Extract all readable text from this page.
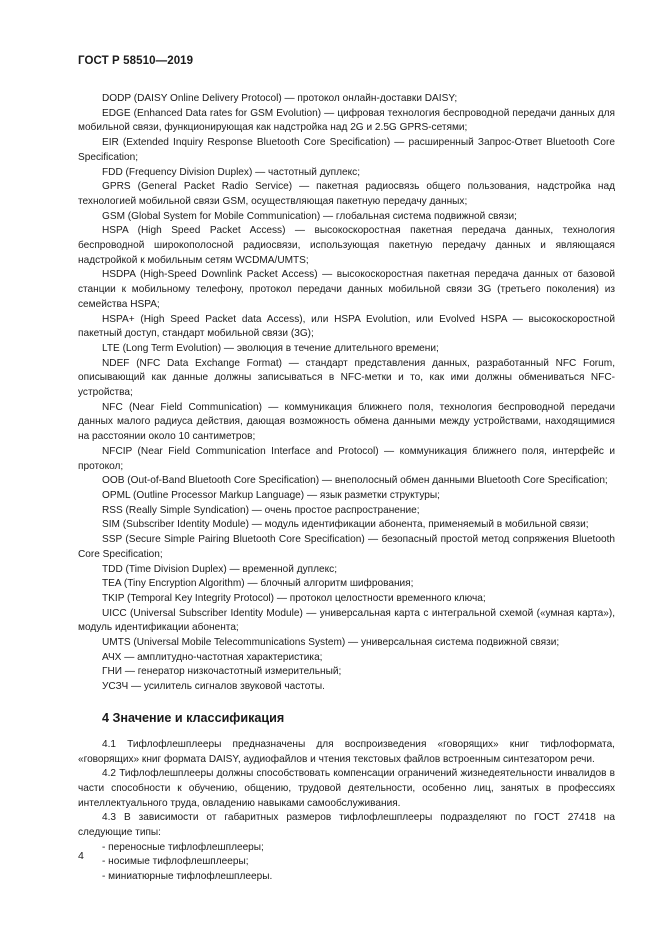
ГОСТ Р 58510—2019

DODP (DAISY Online Delivery Protocol) — протокол онлайн-доставки DAISY;

EDGE (Enhanced Data rates for GSM Evolution) — цифровая технология беспроводной передачи данных для мобильной связи, функционирующая как надстройка над 2G и 2.5G GPRS-сетями;

EIR (Extended Inquiry Response Bluetooth Core Specification) — расширенный Запрос-Ответ Bluetooth Core Specification;

FDD (Frequency Division Duplex) — частотный дуплекс;

GPRS (General Packet Radio Service) — пакетная радиосвязь общего пользования, надстройка над технологией мобильной связи GSM, осуществляющая пакетную передачу данных;

GSM (Global System for Mobile Communication) — глобальная система подвижной связи;

HSPA (High Speed Packet Access) — высокоскоростная пакетная передача данных, технология беспроводной широкополосной радиосвязи, использующая пакетную передачу данных и являющаяся надстройкой к мобильным сетям WCDMA/UMTS;

HSDPA (High-Speed Downlink Packet Access) — высокоскоростная пакетная передача данных от базовой станции к мобильному телефону, протокол передачи данных мобильной связи 3G (третьего поколения) из семейства HSPA;

HSPA+ (High Speed Packet data Access), или HSPA Evolution, или Evolved HSPA — высокоскоростной пакетный доступ, стандарт мобильной связи (3G);

LTE (Long Term Evolution) — эволюция в течение длительного времени;

NDEF (NFC Data Exchange Format) — стандарт представления данных, разработанный NFC Forum, описывающий как данные должны записываться в NFC-метки и то, как ими должны обмениваться NFC-устройства;

NFC (Near Field Communication) — коммуникация ближнего поля, технология беспроводной передачи данных малого радиуса действия, дающая возможность обмена данными между устройствами, находящимися на расстоянии около 10 сантиметров;

NFCIP (Near Field Communication Interface and Protocol) — коммуникация ближнего поля, интерфейс и протокол;

OOB (Out-of-Band Bluetooth Core Specification) — внеполосный обмен данными Bluetooth Core Specification;

OPML (Outline Processor Markup Language) — язык разметки структуры;

RSS (Really Simple Syndication) — очень простое распространение;

SIM (Subscriber Identity Module) — модуль идентификации абонента, применяемый в мобильной связи;

SSP (Secure Simple Pairing Bluetooth Core Specification) — безопасный простой метод сопряжения Bluetooth Core Specification;

TDD (Time Division Duplex) — временной дуплекс;

TEA (Tiny Encryption Algorithm) — блочный алгоритм шифрования;

TKIP (Temporal Key Integrity Protocol) — протокол целостности временного ключа;

UICC (Universal Subscriber Identity Module) — универсальная карта с интегральной схемой («умная карта»), модуль идентификации абонента;

UMTS (Universal Mobile Telecommunications System) — универсальная система подвижной связи;

АЧХ — амплитудно-частотная характеристика;

ГНИ — генератор низкочастотный измерительный;

УСЗЧ — усилитель сигналов звуковой частоты.

4 Значение и классификация

4.1 Тифлофлешплееры предназначены для воспроизведения «говорящих» книг тифлоформата, «говорящих» книг формата DAISY, аудиофайлов и чтения текстовых файлов встроенным синтезатором речи.

4.2 Тифлофлешплееры должны способствовать компенсации ограничений жизнедеятельности инвалидов в части способности к обучению, общению, трудовой деятельности, особенно лиц, занятых в профессиях интеллектуального труда, овладению навыками самообслуживания.

4.3 В зависимости от габаритных размеров тифлофлешплееры подразделяют по ГОСТ 27418 на следующие типы:

- переносные тифлофлешплееры;

- носимые тифлофлешплееры;

- миниатюрные тифлофлешплееры.

4
